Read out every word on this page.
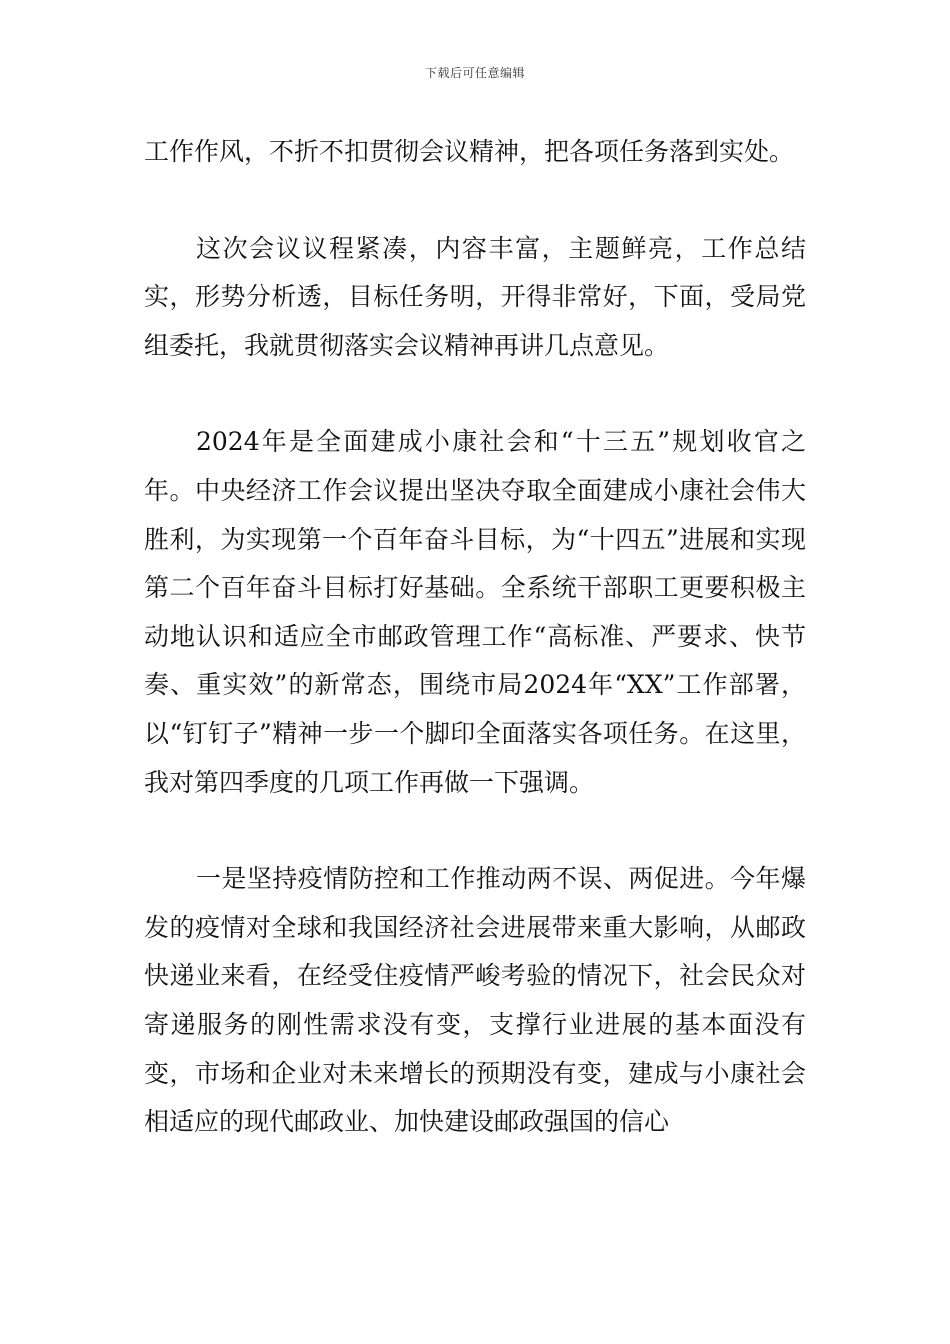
下载后可任意编辑

工作作风，不折不扣贯彻会议精神，把各项任务落到实处。

这次会议议程紧凑，内容丰富，主题鲜亮，工作总结实，形势分析透，目标任务明，开得非常好，下面，受局党组委托，我就贯彻落实会议精神再讲几点意见。

2024年是全面建成小康社会和“十三五”规划收官之年。中央经济工作会议提出坚决夺取全面建成小康社会伟大胜利，为实现第一个百年奋斗目标，为“十四五”进展和实现第二个百年奋斗目标打好基础。全系统干部职工更要积极主动地认识和适应全市邮政管理工作“高标准、严要求、快节奏、重实效”的新常态，围绕市局2024年“XX”工作部署，以“钉钉子”精神一步一个脚印全面落实各项任务。在这里，我对第四季度的几项工作再做一下强调。

一是坚持疫情防控和工作推动两不误、两促进。今年爆发的疫情对全球和我国经济社会进展带来重大影响，从邮政快递业来看，在经受住疫情严峻考验的情况下，社会民众对寄递服务的刚性需求没有变，支撑行业进展的基本面没有变，市场和企业对未来增长的预期没有变，建成与小康社会相适应的现代邮政业、加快建设邮政强国的信心
